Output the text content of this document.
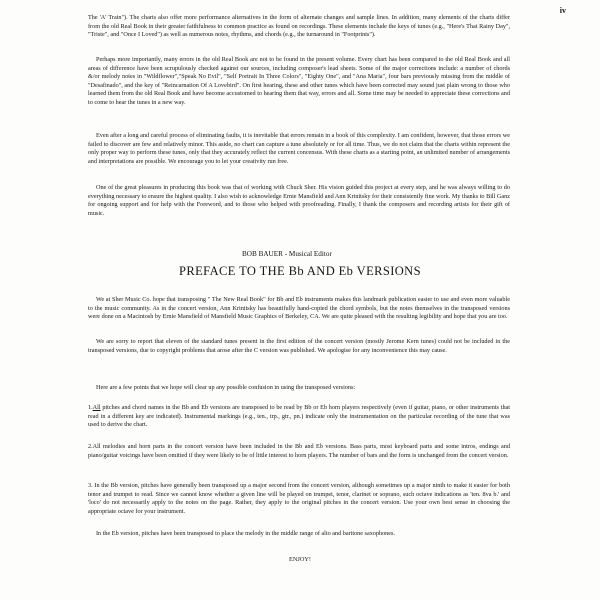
iv

The 'A' Train"). The charts also offer more performance alternatives in the form of alternate changes and sample lines. In addition, many elements of the charts differ from the old Real Book in their greater faithfulness to common practice as found on recordings. These elements include the keys of tunes (e.g., "Here's That Rainy Day", "Triste", and "Once I Loved") as well as numerous notes, rhythms, and chords (e.g., the turnaround in "Footprints").

Perhaps more importantly, many errors in the old Real Book are not to be found in the present volume. Every chart has been compared to the old Real Book and all areas of difference have been scrupulously checked against our sources, including composer's lead sheets. Some of the major corrections include: a number of chords &/or melody notes in "Wildflower","Speak No Evil", "Self Portrait In Three Colors", "Eighty One", and "Ana Maria", four bars previously missing from the middle of "Desafinado", and the key of "Reincarnation Of A Lovebird". On first hearing, these and other tunes which have been corrected may sound just plain wrong to those who learned them from the old Real Book and have become accustomed to hearing them that way, errors and all. Some time may be needed to appreciate these corrections and to come to hear the tunes in a new way.

Even after a long and careful process of eliminating faults, it is inevitable that errors remain in a book of this complexity. I am confident, however, that those errors we failed to discover are few and relatively minor. This aside, no chart can capture a tune absolutely or for all time. Thus, we do not claim that the charts within represent the only proper way to perform these tunes, only that they accurately reflect the current concensus. With these charts as a starting point, an unlimited number of arrangements and interpretations are possible. We encourage you to let your creativity run free.

One of the great pleasures in producing this book was that of working with Chuck Sher. His vision guided this project at every step, and he was always willing to do everything necessary to ensure the highest quality. I also wish to acknowledge Ernie Mansfield and Ann Krinitsky for their consistently fine work. My thanks to Bill Ganz for ongoing support and for help with the Foreword, and to those who helped with proofreading. Finally, I thank the composers and recording artists for their gift of music.

BOB BAUER - Musical Editor

PREFACE TO THE Bb AND Eb VERSIONS

We at Sher Music Co. hope that transposing " The New Real Book" for Bb and Eb instruments makes this landmark publication easier to use and even more valuable to the music community. As in the concert version, Ann Krinitsky has beautifully hand-copied the chord symbols, but the notes themselves in the transposed versions were done on a Macintosh by Ernie Mansfield of Mansfield Music Graphics of Berkeley, CA. We are quite pleased with the resulting legibility and hope that you are too.

We are sorry to report that eleven of the standard tunes present in the first edition of the concert version (mostly Jerome Kern tunes) could not be included in the transposed versions, due to copyright problems that arose after the C version was published. We apologise for any inconvenience this may cause.

Here are a few points that we hope will clear up any possible confusion in using the transposed versions:

1.All pitches and chord names in the Bb and Eb versions are transposed to be read by Bb or Eb horn players respectively (even if guitar, piano, or other instruments that read in a different key are indicated). Instrumental markings (e.g., ten., trp., gtr., pn.) indicate only the instrumentation on the particular recording of the tune that was used to derive the chart.

2.All melodies and horn parts in the concert version have been included in the Bb and Eb versions. Bass parts, most keyboard parts and some intros, endings and piano/guitar voicings have been omitted if they were likely to be of little interest to horn players. The number of bars and the form is unchanged from the concert version.

3. In the Bb version, pitches have generally been transposed up a major second from the concert version, although sometimes up a major ninth to make it easier for both tenor and trumpet to read. Since we cannot know whether a given line will be played on trumpet, tenor, clarinet or soprano, such octave indications as 'ten. 8va b.' and 'loco' do not necessarily apply to the notes on the page. Rather, they apply to the original pitches in the concert version. Use your own best sense in choosing the appropriate octave for your instrument.

In the Eb version, pitches have been transposed to place the melody in the middle range of alto and baritone saxophones.

ENJOY!
